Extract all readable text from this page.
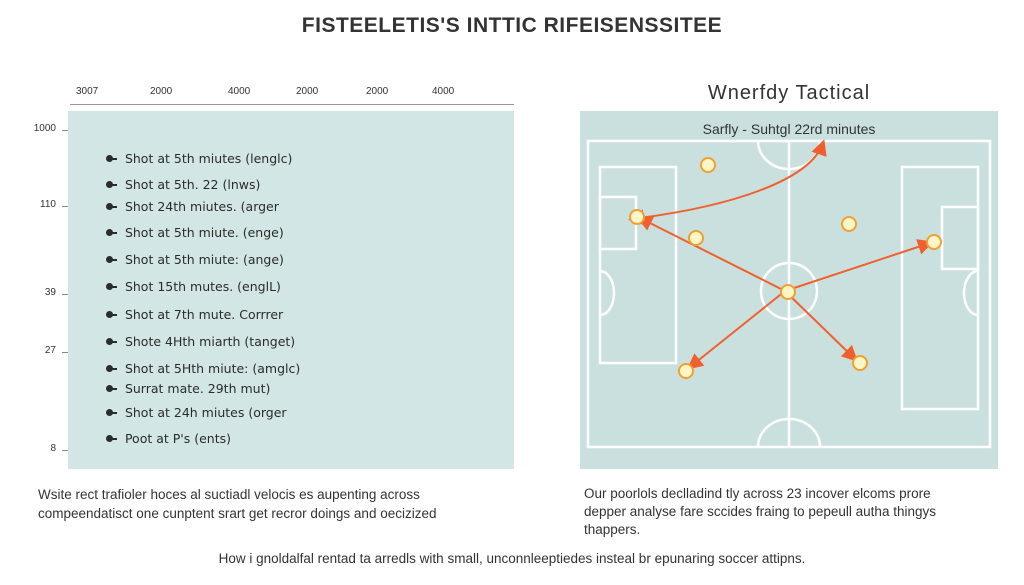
FISTEELETIS'S INTTIC RIFEISENSSITEE
3007	2000	4000	2000	2000	4000
1000
110
39
27
8

Shot at 5th miutes (lenglc)

Shot at 5th. 22 (lnws)

Shot 24th miutes. (arger

Shot at 5th miute. (enge)

Shot at 5th miute: (ange)

Shot 15th mutes. (englL)

Shot at 7th mute. Corrrer

Shote 4Hth miarth (tanget)

Shot at 5Hth miute: (amglc)

Surrat mate. 29th mut)

Shot at 24h miutes (orger

Poot at P's (ents)
Wsite rect trafioler hoces al suctiadl velocis es aupenting across
compeendatisct one cunptent srart get recror doings and oecizized
Wnerfdy Tactical
Sarfly - Suhtgl 22rd minutes
Our poorlols declladind tly across 23 incover elcoms prore
depper analyse fare sccides fraing to pepeull autha thingys
thappers.
How і gnoldalfal rentad ta arredls with small, unconnleeptiedes insteal br epunaring soccer attipns.
